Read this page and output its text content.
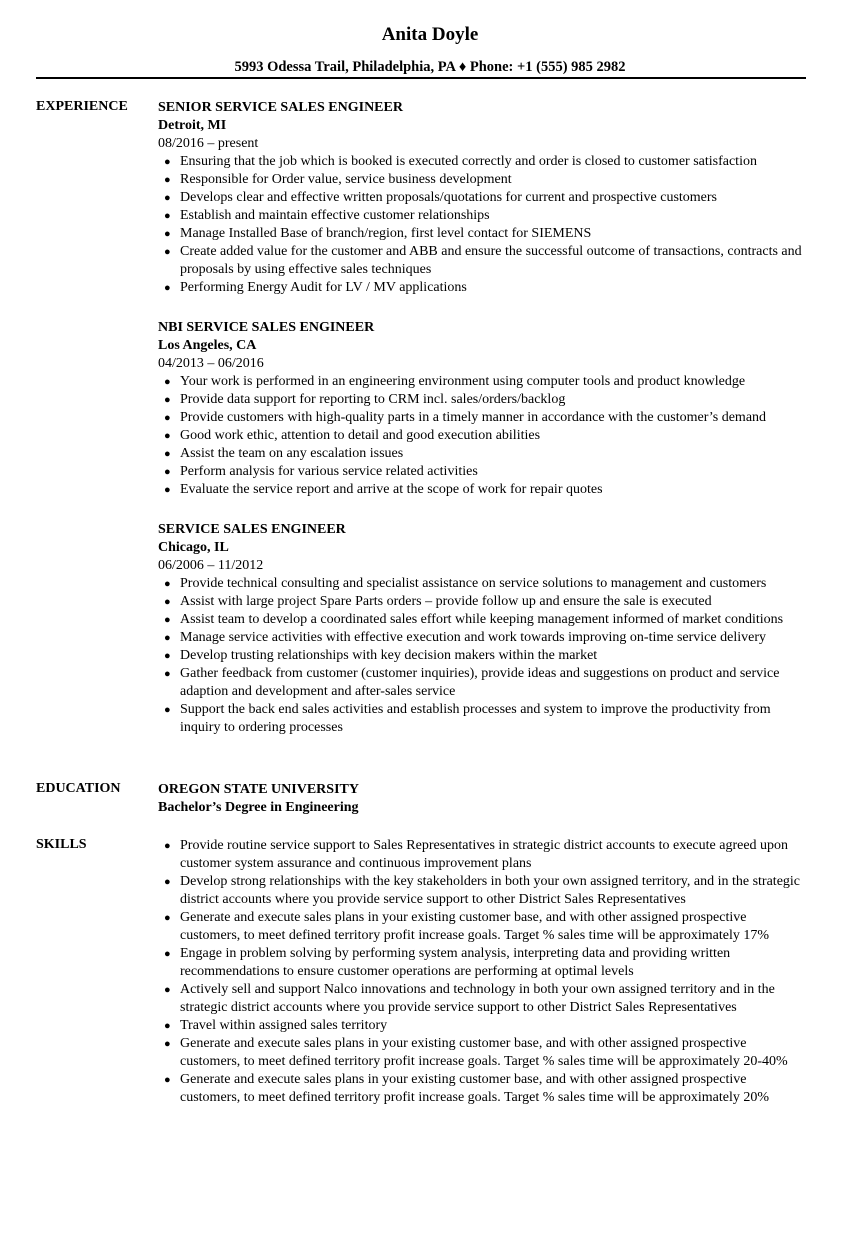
Anita Doyle
5993 Odessa Trail, Philadelphia, PA ♦ Phone: +1 (555) 985 2982
EXPERIENCE SENIOR SERVICE SALES ENGINEER
Detroit, MI
08/2016 – present
● Ensuring that the job which is booked is executed correctly and order is closed to customer satisfaction
● Responsible for Order value, service business development
● Develops clear and effective written proposals/quotations for current and prospective customers
● Establish and maintain effective customer relationships
● Manage Installed Base of branch/region, first level contact for SIEMENS
● Create added value for the customer and ABB and ensure the successful outcome of transactions, contracts and proposals by using effective sales techniques
● Performing Energy Audit for LV / MV applications
NBI SERVICE SALES ENGINEER
Los Angeles, CA
04/2013 – 06/2016
● Your work is performed in an engineering environment using computer tools and product knowledge
● Provide data support for reporting to CRM incl. sales/orders/backlog
● Provide customers with high-quality parts in a timely manner in accordance with the customer’s demand
● Good work ethic, attention to detail and good execution abilities
● Assist the team on any escalation issues
● Perform analysis for various service related activities
● Evaluate the service report and arrive at the scope of work for repair quotes
SERVICE SALES ENGINEER
Chicago, IL
06/2006 – 11/2012
● Provide technical consulting and specialist assistance on service solutions to management and customers
● Assist with large project Spare Parts orders – provide follow up and ensure the sale is executed
● Assist team to develop a coordinated sales effort while keeping management informed of market conditions
● Manage service activities with effective execution and work towards improving on-time service delivery
● Develop trusting relationships with key decision makers within the market
● Gather feedback from customer (customer inquiries), provide ideas and suggestions on product and service adaption and development and after-sales service
● Support the back end sales activities and establish processes and system to improve the productivity from inquiry to ordering processes
EDUCATION	OREGON STATE UNIVERSITY
Bachelor’s Degree in Engineering
SKILLS	● Provide routine service support to Sales Representatives in strategic district accounts to execute agreed upon customer system assurance and continuous improvement plans
● Develop strong relationships with the key stakeholders in both your own assigned territory, and in the strategic district accounts where you provide service support to other District Sales Representatives
● Generate and execute sales plans in your existing customer base, and with other assigned prospective customers, to meet defined territory profit increase goals. Target % sales time will be approximately 17%
● Engage in problem solving by performing system analysis, interpreting data and providing written recommendations to ensure customer operations are performing at optimal levels
● Actively sell and support Nalco innovations and technology in both your own assigned territory and in the strategic district accounts where you provide service support to other District Sales Representatives
● Travel within assigned sales territory
● Generate and execute sales plans in your existing customer base, and with other assigned prospective customers, to meet defined territory profit increase goals. Target % sales time will be approximately 20-40%
● Generate and execute sales plans in your existing customer base, and with other assigned prospective customers, to meet defined territory profit increase goals. Target % sales time will be approximately 20%
